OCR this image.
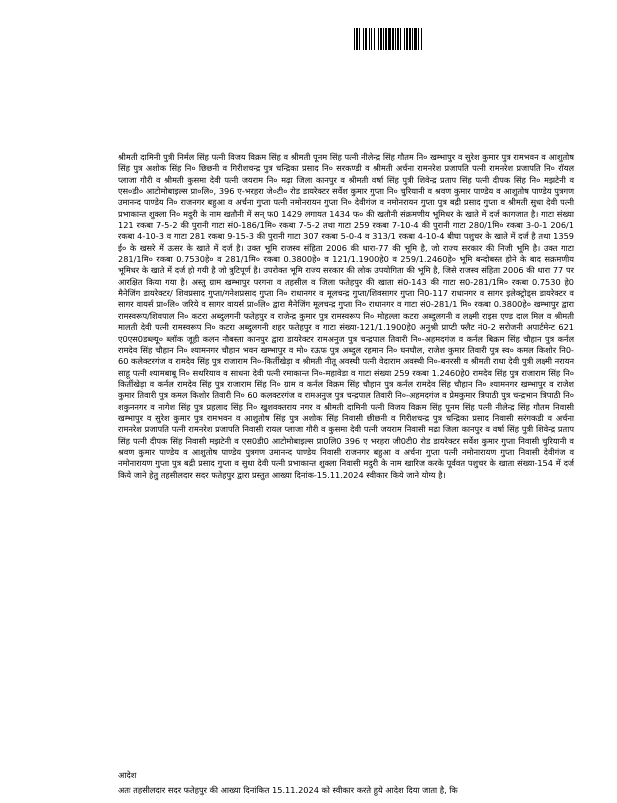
श्रीमती दामिनी पुत्री निर्मल सिंह पत्नी विजय विक्रम सिंह व श्रीमती पूनम सिंह पत्नी नीलेन्द्र सिंह गौतम नि० खम्भापुर व सुरेश कुमार पुत्र रामभवन व आशुतोष सिंह पुत्र अशोक सिंह नि० छिछनी व गिरीशचन्द्र पुत्र चन्द्रिका प्रसाद नि० सरकण्डी व श्रीमती अर्चना रामनरेश प्रजापति पत्नी रामनरेश प्रजापति नि० रॉयल प्लाजा गौरी व श्रीमती कुसमा देवी पत्नी जयराम नि० मढ़ा जिला कानपुर व श्रीमती वर्षा सिंह पुत्री शिवेन्द्र प्रताप सिंह पत्नी दीपक सिंह नि० मझटेनी व एस०डी० आटोमोबाइल्स प्रा०लि०, 396 ए-भरहरा जे०टी० रोड डायरेक्टर सर्वेश कुमार गुप्ता नि० चुरियानी व श्रवण कुमार पाण्डेय व आशुतोष पाण्डेय पुत्रगण उमानन्द पाण्डेय नि० राजनगर बहुआ व अर्चना गुप्ता पत्नी नमोनरायन गुप्ता नि० देवीगंज व नमोनरायन गुप्ता पुत्र बद्री प्रसाद गुप्ता व श्रीमती सुधा देवी पत्नी प्रभाकान्त शुक्ला नि० मदुरी के नाम खतौनी में सन् फ0 1429 लगायत 1434 फ० की खतौनी संक्रमणीय भूमिधर के खाते में दर्ज कागजात है। गाटा संख्या 121 रकबा 7-5-2 की पुरानी गाटा सं0-186/1मि० रकबा 7-5-2 तथा गाटा 259 रकबा 7-10-4 की पुरानी गाटा 280/1मि० रकबा 3-0-1 206/1 रकबा 4-10-3 व गाटा 281 रकबा 9-15-3 की पुरानी गाटा 307 रकबा 5-0-4 व 313/1 रकबा 4-10-4 बीघा पशुचर के खाते में दर्ज है तथा 1359 ई० के खसरे में ऊसर के खाते में दर्ज है। उक्त भूमि राजस्व संहिता 2006 की धारा-77 की भूमि है, जो राज्य सरकार की निजी भूमि है। उक्त गाटा 281/1मि० रकबा 0.7530हे० व 281/1मि० रकबा 0.3800हे० व 121/1.1900हे0 व 259/1.2460हे० भूमि बन्दोबस्त होने के बाद सक्रमणीय भूमिधर के खाते में दर्ज हो गयी है जो त्रुटिपूर्ण है। उपरोक्त भूमि राज्य सरकार की लोक उपयोगिता की भूमि है, जिसे राजस्व संहिता 2006 की धारा 77 पर आरक्षित किया गया है। अस्तु ग्राम खम्भापुर परगना व तहसील व जिला फतेहपुर की खाता सं0-143 की गाटा स0-281/1मि० रकबा 0.7530 हे0 मैनेजिंग डायरेक्टर/ शिवप्रसाद गुप्ता/गनेशप्रसाद गुप्ता नि० राधानगर व मूलचन्द्र गुप्ता/शिवसागर गुप्ता नि0-117 राधानगर व सागर इलेक्ट्रोड्स डायरेक्टर व सागर वायर्स प्रा०लि० जरिये व सागर वायर्स प्रा०लि० द्वारा मैनेजिंग मूलचन्द्र गुप्ता नि० राधानगर व गाटा सं0-281/1 मि० रकबा 0.3800हे० खम्भापुर द्वारा रामस्वरूप/शिवपाल नि० कटरा अब्दुलगनी फतेहपुर व राजेन्द्र कुमार पुत्र रामस्वरूप नि० मोहल्ला कटरा अब्दुलगनी व लक्ष्मी राइस एण्ड दाल मिल व श्रीमती मालती देवी पत्नी रामस्वरूप नि० कटरा अब्दुलगनी शहर फतेहपुर व गाटा संख्या-121/1.1900हे0 अनुश्री प्राप्टी फ्लैट नं0-2 सरोजनी अपार्टमेन्ट 621 ए0एस0डब्ल्यू० ब्लॉक जूही कलन नौबस्ता कानपुर द्वारा डायरेक्टर रामअनुज पुत्र चन्द्रपाल तिवारी नि०-अहमदगंज व कर्नल बिक्रम सिंह चौहान पुत्र कर्नल रामदेव सिंह चौहान नि० श्यामनगर चौहान भवन खम्भापुर व मो० रऊफ पुत्र अब्दुल रहमान नि० घनघौल, राजेश कुमार तिवारी पुत्र स्व० कमल किशोर नि0-60 कलेक्टरगंज व रामदेव सिंह पुत्र राजाराम नि०-किर्तीखेड़ा व श्रीमती नीतू अवस्थी पत्नी वेदाराम अवस्थी नि०-बनरसी व श्रीमती राधा देवी पुत्री लक्ष्मी नरायन साहू पत्नी श्यामबाबू नि० सथरियाव व साधना देवी पत्नी रमाकान्त नि०-महावेडा व गाटा संख्या 259 रकबा 1.2460हे0 रामदेव सिंह पुत्र राजाराम सिंह नि० किर्तीखेड़ा व कर्नल रामदेव सिंह पुत्र राजाराम सिंह नि० ग्राम व कर्नल विक्रम सिंह चौहान पुत्र कर्नल रामदेव सिंह चौहान नि० श्यामनगर खम्भापुर व राजेश कुमार तिवारी पुत्र कमल किशोर तिवारी नि० 60 कलक्टरगंज व रामअनुज पुत्र चन्द्रपाल तिवारी नि०-अहमदगंज व प्रेमकुमार त्रिपाठी पुत्र चन्द्रभान त्रिपाठी नि० शकुननगर व नागेश सिंह पुत्र प्रहलाद सिंह नि० खुशवक्तराय नगर व श्रीमती दामिनी पत्नी विजय विक्रम सिंह पूनम सिंह पत्नी नीलेन्द्र सिंह गौतम निवासी खम्भापुर व सुरेश कुमार पुत्र रामभवन व आशुतोष सिंह पुत्र अशोक सिंह निवासी छीछनी व गिरीशचन्द्र पुत्र चन्द्रिका प्रसाद निवासी सरंगकडी व अर्चना रामनरेश प्रजापति पत्नी रामनरेश प्रजापति निवासी रायल प्लाजा गौरी व कुसमा देवी पत्नी जयराम निवासी मढा जिला कानपुर व वर्षा सिंह पुत्री शिवेन्द्र प्रताप सिंह पत्नी दीपक सिंह निवासी मझटेनी व एस0डी0 आटोमोबाइल्स प्रा0लि0 396 ए भरहरा जी0टी0 रोड डायरेक्टर सर्वेश कुमार गुप्ता निवासी चुरियानी व श्रवण कुमार पाण्डेय व आशुतोष पाण्डेय पुत्रगण उमानन्द पाण्डेय निवासी राजनगर बहुआ व अर्चना गुप्ता पत्नी नमोनारायण गुप्ता निवासी देवीगंज व नमोनारायण गुप्ता पुत्र बद्री प्रसाद गुप्ता व सुधा देवी पत्नी प्रभाकान्त शुक्ला निवासी मदुरी के नाम खारिज करके पूर्ववत पशुचर के खाता संख्या-154 में दर्ज किये जाने हेतु तहसीलदार सदर फतेहपुर द्वारा प्रस्तुत आख्या दिनांक-15.11.2024 स्वीकार किये जाने योग्य है।

आदेश

अतः तहसीलदार सदर फतेहपुर की आख्या दिनांकित 15.11.2024 को स्वीकार करते हुये आदेश दिया जाता है, कि
